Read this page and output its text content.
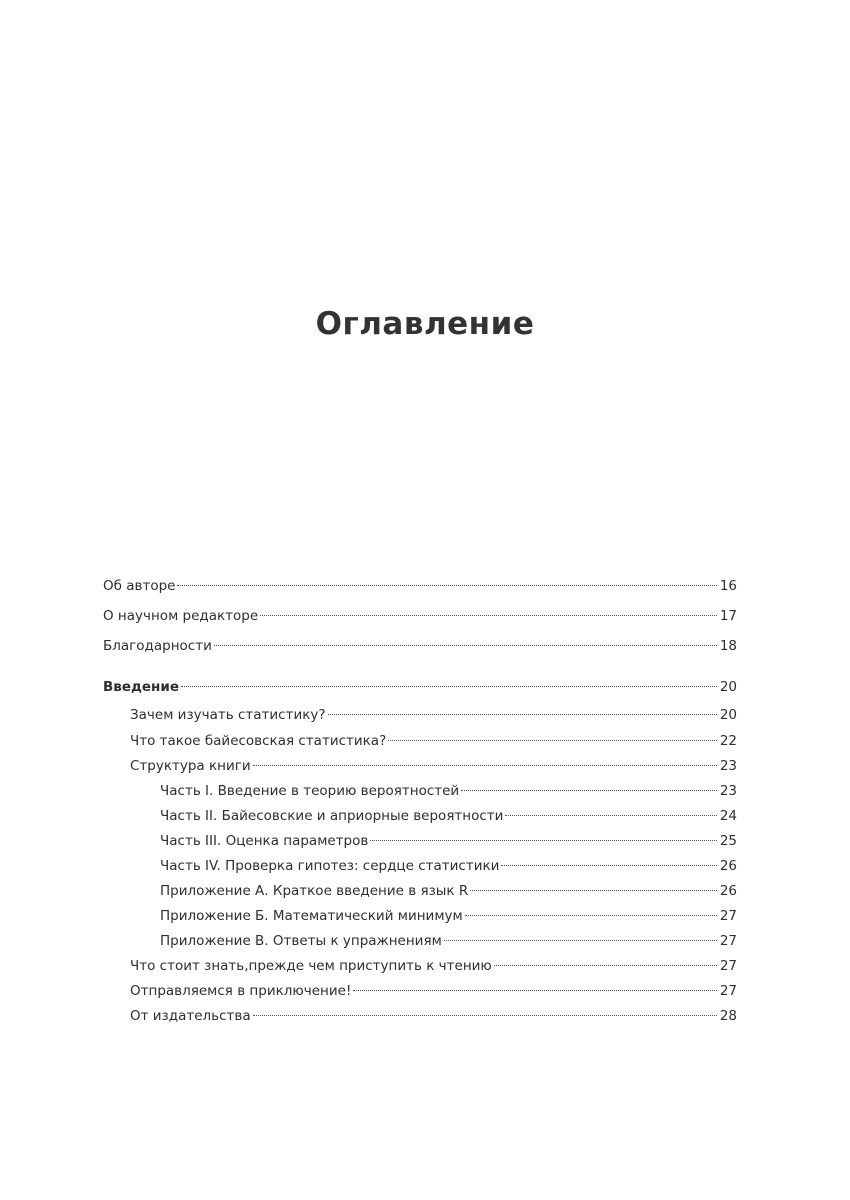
Оглавление
Об авторе	16
О научном редакторе	17
Благодарности	18
Введение	20
Зачем изучать статистику?	20
Что такое байесовская статистика?	22
Структура книги	23
Часть I. Введение в теорию вероятностей	23
Часть II. Байесовские и априорные вероятности	24
Часть III. Оценка параметров	25
Часть IV. Проверка гипотез: сердце статистики	26
Приложение А. Краткое введение в язык R	26
Приложение Б. Математический минимум	27
Приложение В. Ответы к упражнениям	27
Что стоит знать,прежде чем приступить к чтению	27
Отправляемся в приключение!	27
От издательства	28
